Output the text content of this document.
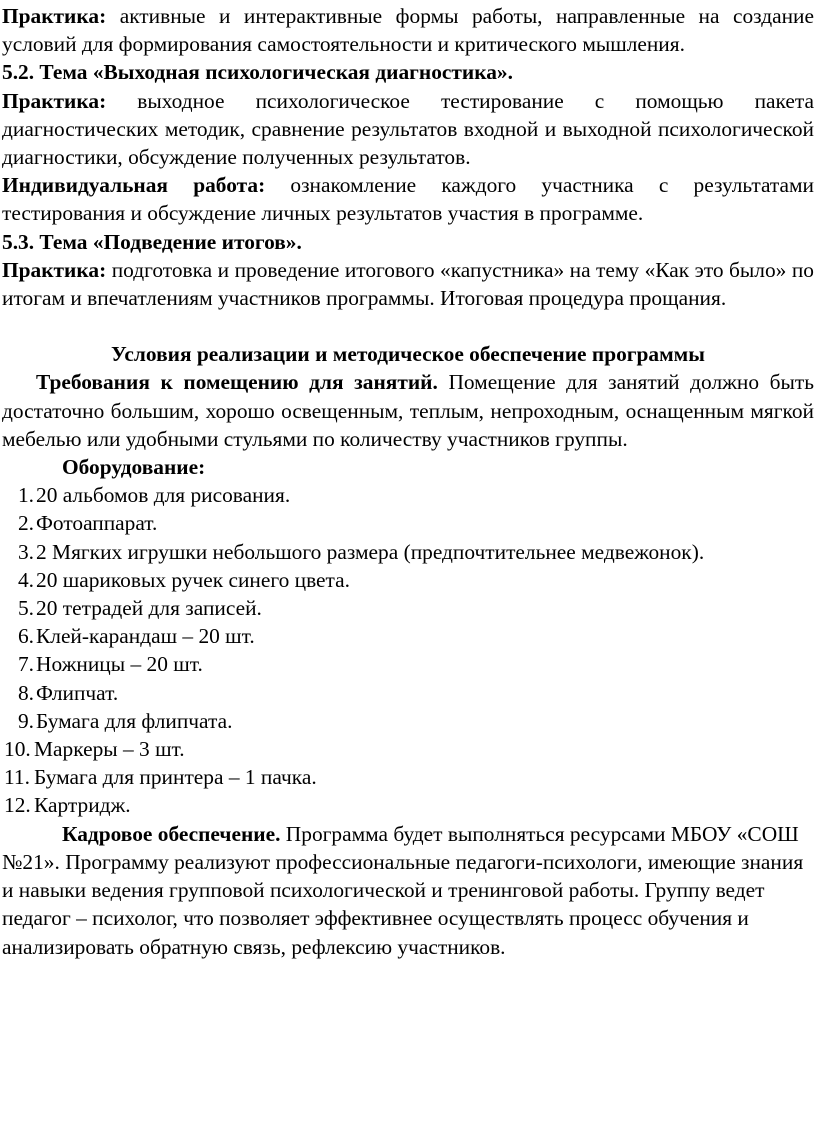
Практика: активные и интерактивные формы работы, направленные на создание условий для формирования самостоятельности и критического мышления.

5.2. Тема «Выходная психологическая диагностика».

Практика: выходное психологическое тестирование с помощью пакета диагностических методик, сравнение результатов входной и выходной психологической диагностики, обсуждение полученных результатов.

Индивидуальная работа: ознакомление каждого участника с результатами тестирования и обсуждение личных результатов участия в программе.

5.3. Тема «Подведение итогов».

Практика: подготовка и проведение итогового «капустника» на тему «Как это было» по итогам и впечатлениям участников программы. Итоговая процедура прощания.

Условия реализации и методическое обеспечение программы

Требования к помещению для занятий. Помещение для занятий должно быть достаточно большим, хорошо освещенным, теплым, непроходным, оснащенным мягкой мебелью или удобными стульями по количеству участников группы.

Оборудование:

1. 20 альбомов для рисования.
2. Фотоаппарат.
3. 2 Мягких игрушки небольшого размера (предпочтительнее медвежонок).
4. 20 шариковых ручек синего цвета.
5. 20 тетрадей для записей.
6. Клей-карандаш – 20 шт.
7. Ножницы – 20 шт.
8. Флипчат.
9. Бумага для флипчата.
10. Маркеры – 3 шт.
11. Бумага для принтера – 1 пачка.
12. Картридж.

Кадровое обеспечение. Программа будет выполняться ресурсами МБОУ «СОШ №21». Программу реализуют профессиональные педагоги-психологи, имеющие знания и навыки ведения групповой психологической и тренинговой работы. Группу ведет педагог – психолог, что позволяет эффективнее осуществлять процесс обучения и анализировать обратную связь, рефлексию участников.
